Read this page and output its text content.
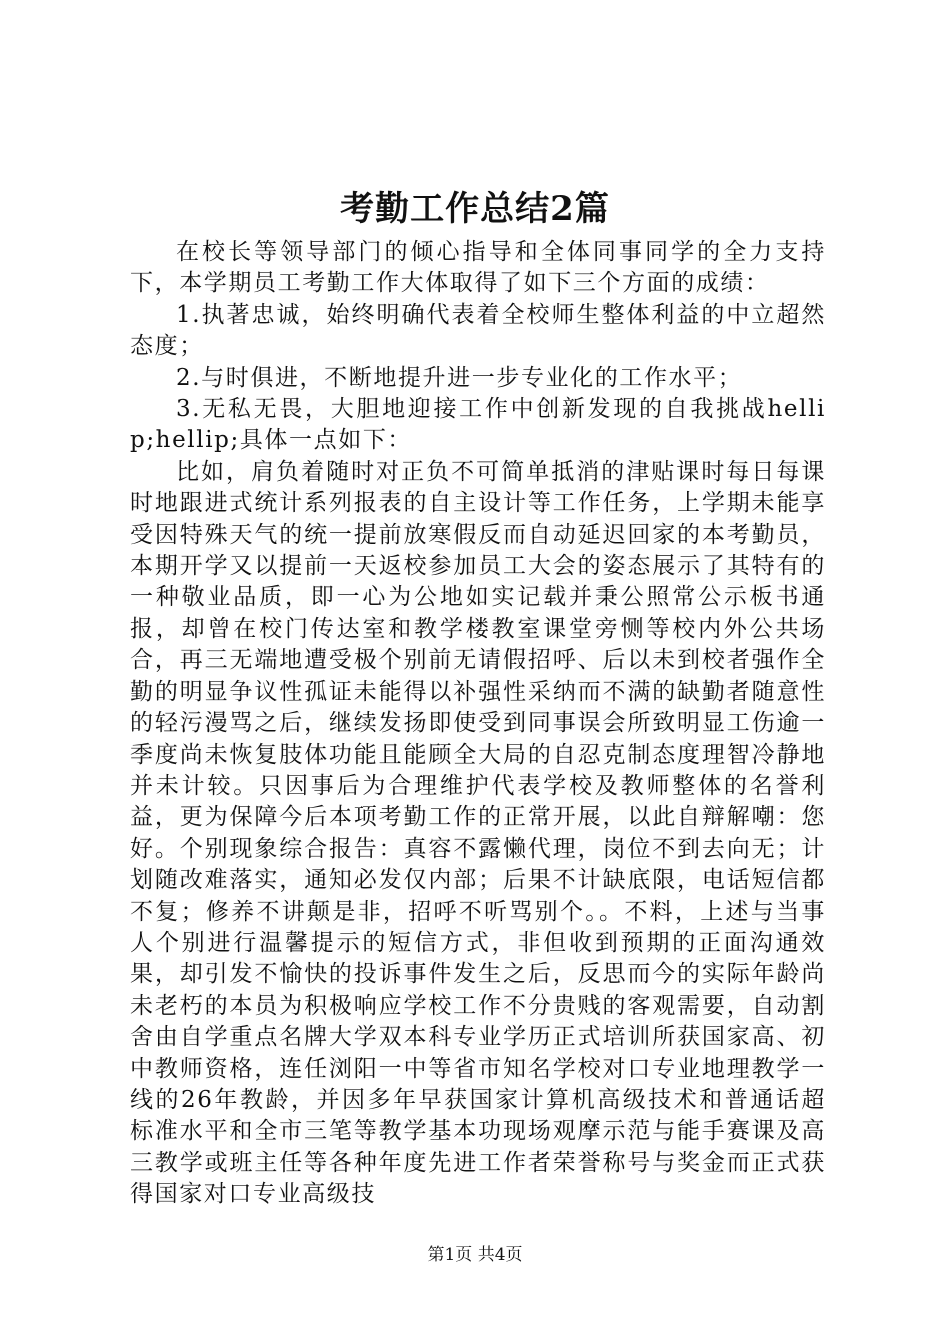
考勤工作总结2篇

在校长等领导部门的倾心指导和全体同事同学的全力支持下，本学期员工考勤工作大体取得了如下三个方面的成绩：

1.执著忠诚，始终明确代表着全校师生整体利益的中立超然态度；

2.与时俱进，不断地提升进一步专业化的工作水平；

3.无私无畏，大胆地迎接工作中创新发现的自我挑战hellip;hellip;具体一点如下：

比如，肩负着随时对正负不可简单抵消的津贴课时每日每课时地跟进式统计系列报表的自主设计等工作任务，上学期未能享受因特殊天气的统一提前放寒假反而自动延迟回家的本考勤员，本期开学又以提前一天返校参加员工大会的姿态展示了其特有的一种敬业品质，即一心为公地如实记载并秉公照常公示板书通报，却曾在校门传达室和教学楼教室课堂旁恻等校内外公共场合，再三无端地遭受极个别前无请假招呼、后以未到校者强作全勤的明显争议性孤证未能得以补强性采纳而不满的缺勤者随意性的轻污漫骂之后，继续发扬即使受到同事误会所致明显工伤逾一季度尚未恢复肢体功能且能顾全大局的自忍克制态度理智冷静地并未计较。只因事后为合理维护代表学校及教师整体的名誉利益，更为保障今后本项考勤工作的正常开展，以此自辩解嘲：您好。个别现象综合报告：真容不露懒代理，岗位不到去向无；计划随改难落实，通知必发仅内部；后果不计缺底限，电话短信都不复；修养不讲颠是非，招呼不听骂别个。。不料，上述与当事人个别进行温馨提示的短信方式，非但收到预期的正面沟通效果，却引发不愉快的投诉事件发生之后，反思而今的实际年龄尚未老朽的本员为积极响应学校工作不分贵贱的客观需要，自动割舍由自学重点名牌大学双本科专业学历正式培训所获国家高、初中教师资格，连任浏阳一中等省市知名学校对口专业地理教学一线的26年教龄，并因多年早获国家计算机高级技术和普通话超标准水平和全市三笔等教学基本功现场观摩示范与能手赛课及高三教学或班主任等各种年度先进工作者荣誉称号与奖金而正式获得国家对口专业高级技

第1页 共4页
